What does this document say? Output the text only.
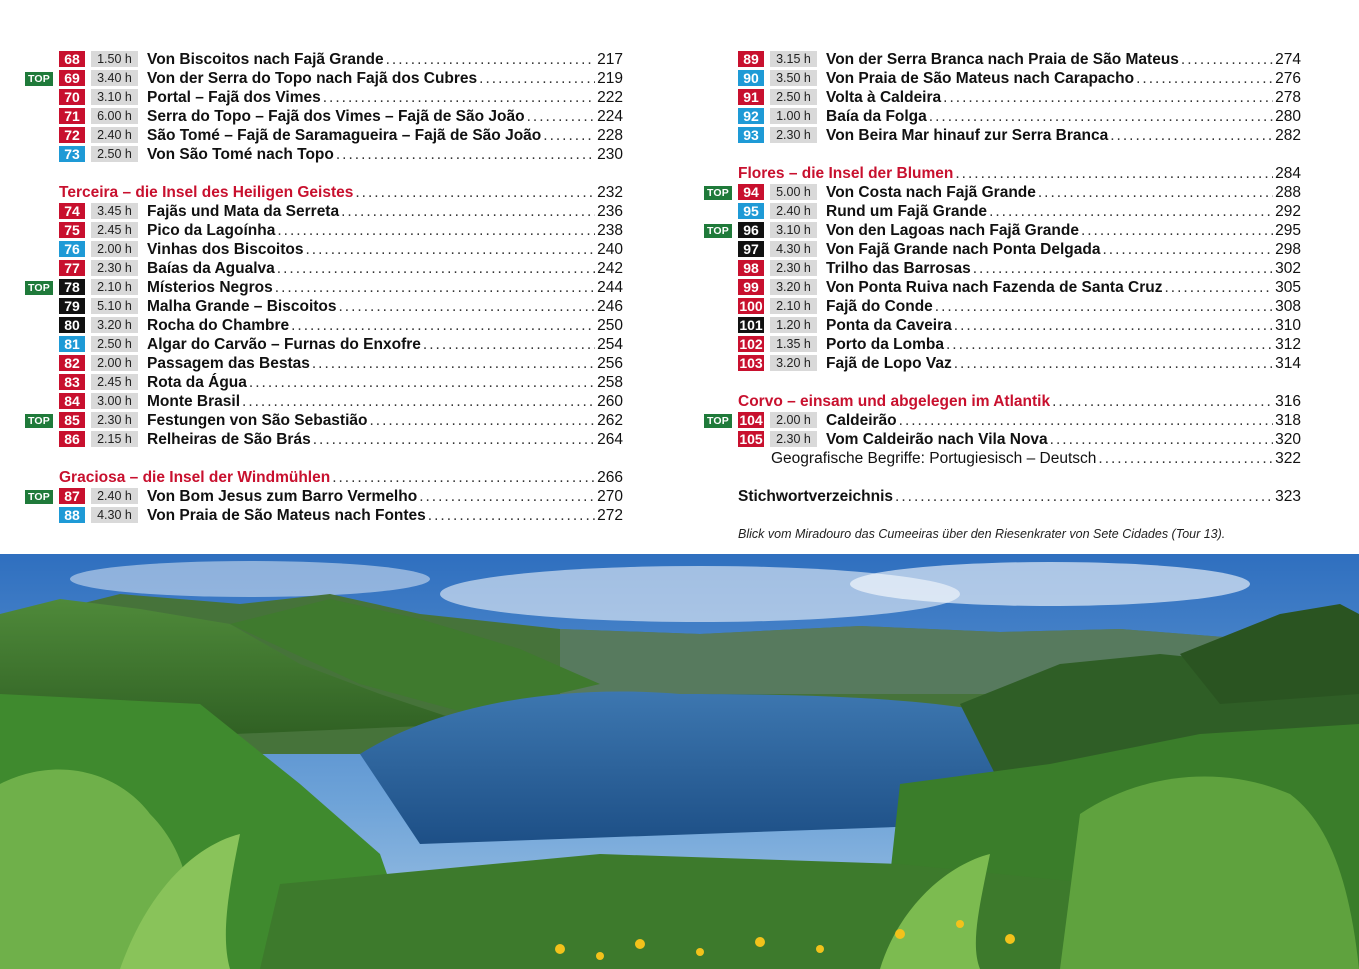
68	1.50 h Von Biscoitos nach Fajã Grande .....	217
TOP	69	3.40 h Von der Serra do Topo nach Fajã dos Cubres .....	219
70	3.10 h Portal – Fajã dos Vimes .....	222
71	6.00 h Serra do Topo – Fajã dos Vimes – Fajã de São João .....	224
72	2.40 h São Tomé – Fajã de Saramagueira – Fajã de São João .....	228
73	2.50 h Von São Tomé nach Topo .....	230
Terceira – die Insel des Heiligen Geistes .....	232
74	3.45 h Fajãs und Mata da Serreta .....	236
75	2.45 h Pico da Lagoínha .....	238
76	2.00 h Vinhas dos Biscoitos .....	240
77	2.30 h Baías da Agualva .....	242
TOP	78	2.10 h Místerios Negros .....	244
79	5.10 h Malha Grande – Biscoitos .....	246
80	3.20 h Rocha do Chambre .....	250
81	2.50 h Algar do Carvão – Furnas do Enxofre .....	254
82	2.00 h Passagem das Bestas .....	256
83	2.45 h Rota da Água .....	258
84	3.00 h Monte Brasil .....	260
TOP	85	2.30 h Festungen von São Sebastião .....	262
86	2.15 h Relheiras de São Brás .....	264
Graciosa – die Insel der Windmühlen .....	266
TOP	87	2.40 h Von Bom Jesus zum Barro Vermelho .....	270
88	4.30 h Von Praia de São Mateus nach Fontes .....	272
89	3.15 h Von der Serra Branca nach Praia de São Mateus .....	274
90	3.50 h Von Praia de São Mateus nach Carapacho .....	276
91	2.50 h Volta à Caldeira .....	278
92	1.00 h Baía da Folga .....	280
93	2.30 h Von Beira Mar hinauf zur Serra Branca .....	282
Flores – die Insel der Blumen .....	284
TOP	94	5.00 h Von Costa nach Fajã Grande .....	288
95	2.40 h Rund um Fajã Grande .....	292
TOP	96	3.10 h Von den Lagoas nach Fajã Grande .....	295
97	4.30 h Von Fajã Grande nach Ponta Delgada .....	298
98	2.30 h Trilho das Barrosas .....	302
99	3.20 h Von Ponta Ruiva nach Fazenda de Santa Cruz .....	305
100	2.10 h Fajã do Conde .....	308
101	1.20 h Ponta da Caveira .....	310
102	1.35 h Porto da Lomba .....	312
103	3.20 h Fajã de Lopo Vaz .....	314
Corvo – einsam und abgelegen im Atlantik .....	316
TOP 104	2.00 h Caldeirão .....	318
105	2.30 h Vom Caldeirão nach Vila Nova .....	320
Geografische Begriffe: Portugiesisch – Deutsch .....	322
Stichwortverzeichnis .....	323
Blick vom Miradouro das Cumeeiras über den Riesenkrater von Sete Cidades (Tour 13).
